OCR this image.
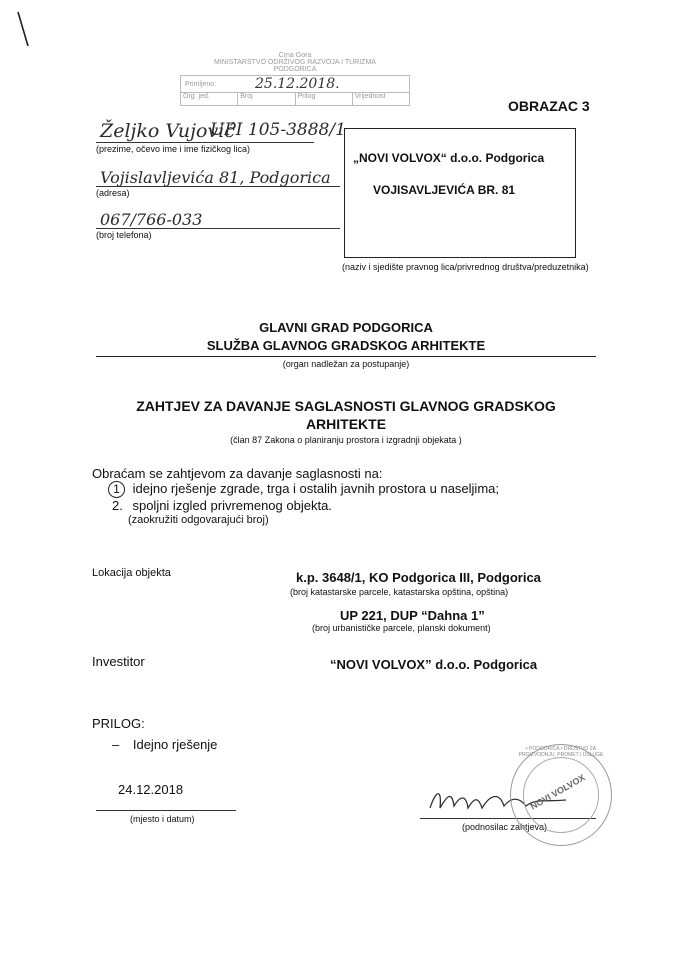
Crna Gora
MINISTARSTVO ODRŽIVOG RAZVOJA I TURIZMA
PODGORICA
Primljeno:	25.12.2018.
Org. jed.	Broj	Prilog	Vrijednost
OBRAZAC 3
Željko Vujović
UPI 105-3888/1
(prezime, očevo ime i ime fizičkog lica)
Vojislavljevića 81, Podgorica
(adresa)
067/766-033
(broj telefona)
„NOVI VOLVOX“ d.o.o. Podgorica
VOJISAVLJEVIĆA BR. 81
(naziv i sjedište pravnog lica/privrednog društva/preduzetnika)
GLAVNI GRAD PODGORICA
SLUŽBA GLAVNOG GRADSKOG ARHITEKTE
(organ nadležan za postupanje)
ZAHTJEV ZA DAVANJE SAGLASNOSTI GLAVNOG GRADSKOG
ARHITEKTE
(član 87 Zakona o planiranju prostora i izgradnji objekata )
Obraćam se zahtjevom za davanje saglasnosti na:
1 idejno rješenje zgrade, trga i ostalih javnih prostora u naseljima;
2. spoljni izgled privremenog objekta.
(zaokružiti odgovarajući broj)
Lokacija objekta	k.p. 3648/1, KO Podgorica III, Podgorica
(broj katastarske parcele, katastarska opština, opština)
UP 221, DUP “Dahna 1”
(broj urbanističke parcele, planski dokument)
Investitor	“NOVI VOLVOX” d.o.o. Podgorica
PRILOG:
– Idejno rješenje
24.12.2018
(mjesto i datum)
(podnosilac zahtjeva)
• PODGORICA • DRUŠTVO ZA PROIZVODNJU, PROMET I USLUGE
NOVI VOLVOX
